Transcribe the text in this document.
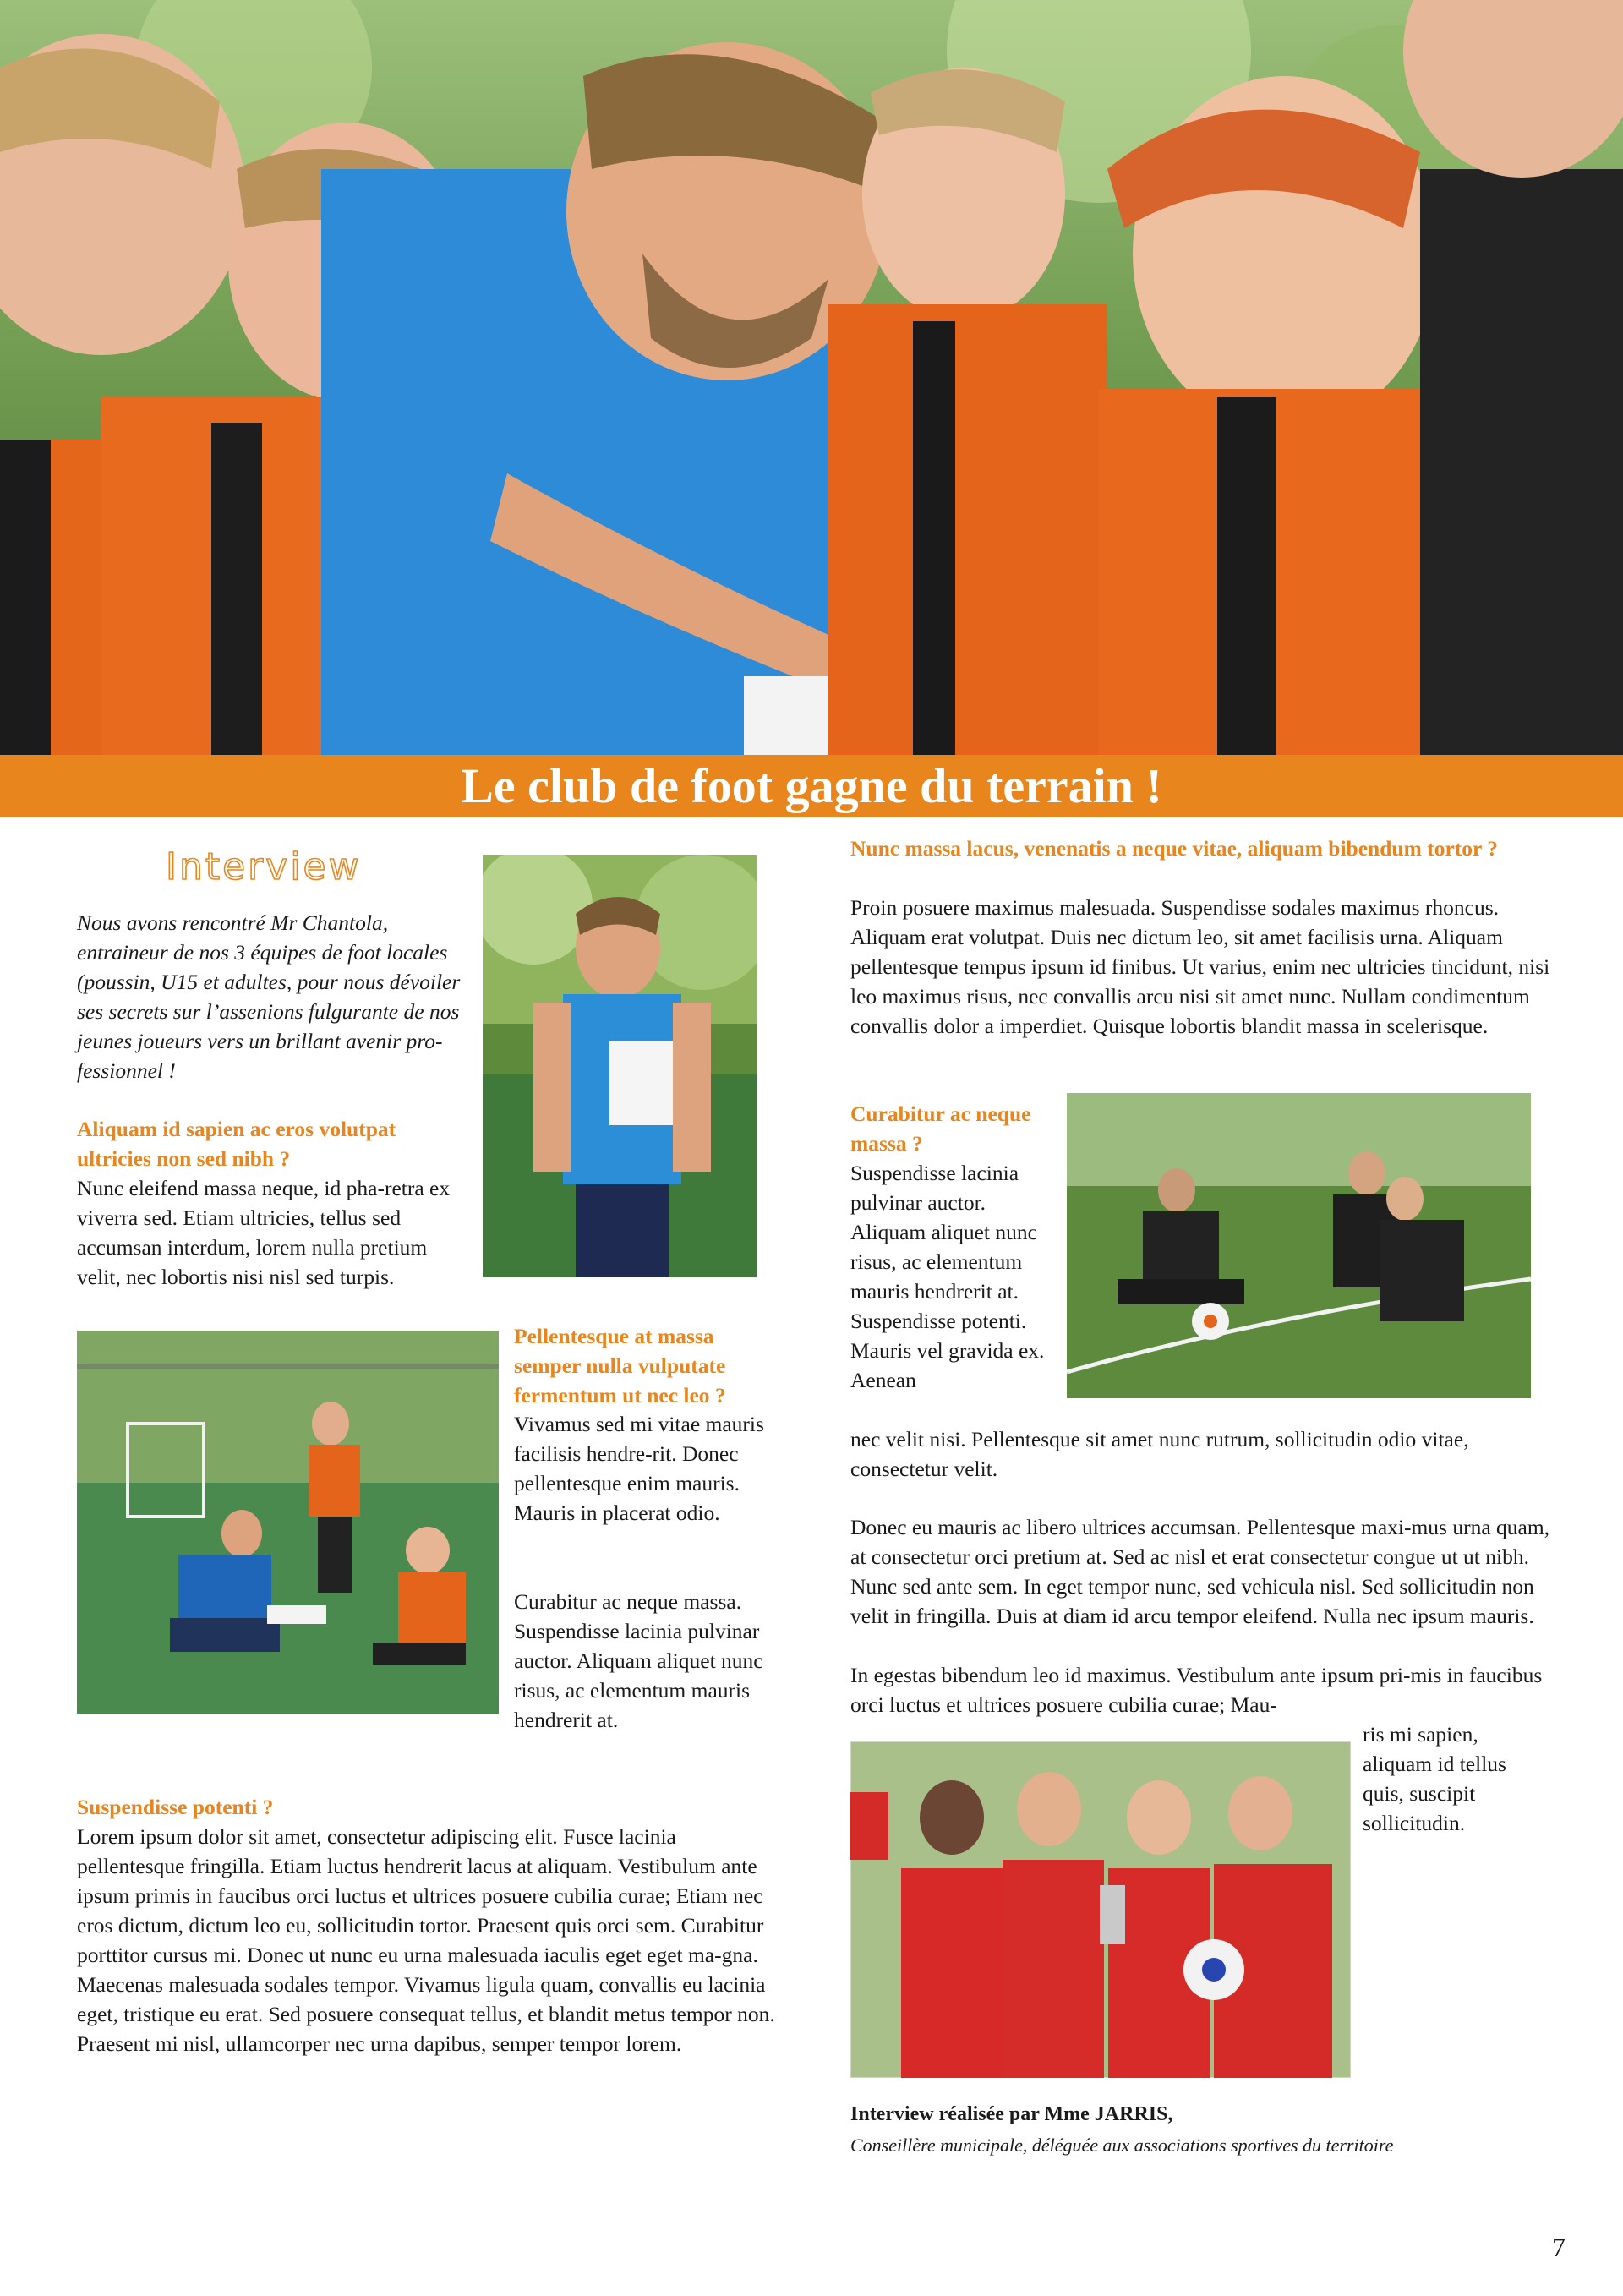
Le club de foot gagne du terrain !
Interview
Nous avons rencontré Mr Chantola, entraineur de nos 3 équipes de foot locales (poussin, U15 et adultes, pour nous dévoiler ses secrets sur l’assenions fulgurante de nos jeunes joueurs vers un brillant avenir pro-fessionnel !
Aliquam id sapien ac eros volutpat ultricies non sed nibh ?
Nunc eleifend massa neque, id pha-retra ex viverra sed. Etiam ultricies, tellus sed accumsan interdum, lorem nulla pretium velit, nec lobortis nisi nisl sed turpis.
Pellentesque at massa semper nulla vulputate fermentum ut nec leo ?
Vivamus sed mi vitae mauris facilisis hendre-rit. Donec pellentesque enim mauris. Mauris in placerat odio.
Curabitur ac neque massa. Suspendisse lacinia pulvinar auctor. Aliquam aliquet nunc risus, ac elementum mauris hendrerit at.
Suspendisse potenti ?
Lorem ipsum dolor sit amet, consectetur adipiscing elit. Fusce lacinia pellentesque fringilla. Etiam luctus hendrerit lacus at aliquam. Vestibulum ante ipsum primis in faucibus orci luctus et ultrices posuere cubilia curae; Etiam nec eros dictum, dictum leo eu, sollicitudin tortor. Praesent quis orci sem. Curabitur porttitor cursus mi. Donec ut nunc eu urna malesuada iaculis eget eget ma-gna. Maecenas malesuada sodales tempor. Vivamus ligula quam, convallis eu lacinia eget, tristique eu erat. Sed posuere consequat tellus, et blandit metus tempor non. Praesent mi nisl, ullamcorper nec urna dapibus, semper tempor lorem.
Nunc massa lacus, venenatis a neque vitae, aliquam bibendum tortor ?
Proin posuere maximus malesuada. Suspendisse sodales maximus rhoncus. Aliquam erat volutpat. Duis nec dictum leo, sit amet facilisis urna. Aliquam pellentesque tempus ipsum id finibus. Ut varius, enim nec ultricies tincidunt, nisi leo maximus risus, nec convallis arcu nisi sit amet nunc. Nullam condimentum convallis dolor a imperdiet. Quisque lobortis blandit massa in scelerisque.
Curabitur ac neque massa ?
Suspendisse lacinia pulvinar auctor. Aliquam aliquet nunc risus, ac elementum mauris hendrerit at. Suspendisse potenti. Mauris vel gravida ex. Aenean
nec velit nisi. Pellentesque sit amet nunc rutrum, sollicitudin odio vitae, consectetur velit.
Donec eu mauris ac libero ultrices accumsan. Pellentesque maxi-mus urna quam, at consectetur orci pretium at. Sed ac nisl et erat consectetur congue ut ut nibh. Nunc sed ante sem. In eget tempor nunc, sed vehicula nisl. Sed sollicitudin non velit in fringilla. Duis at diam id arcu tempor eleifend. Nulla nec ipsum mauris.
In egestas bibendum leo id maximus. Vestibulum ante ipsum pri-mis in faucibus orci luctus et ultrices posuere cubilia curae; Mau-
ris mi sapien, aliquam id tellus quis, suscipit sollicitudin.
Interview réalisée par Mme JARRIS,
Conseillère municipale, déléguée aux associations sportives du territoire
7
